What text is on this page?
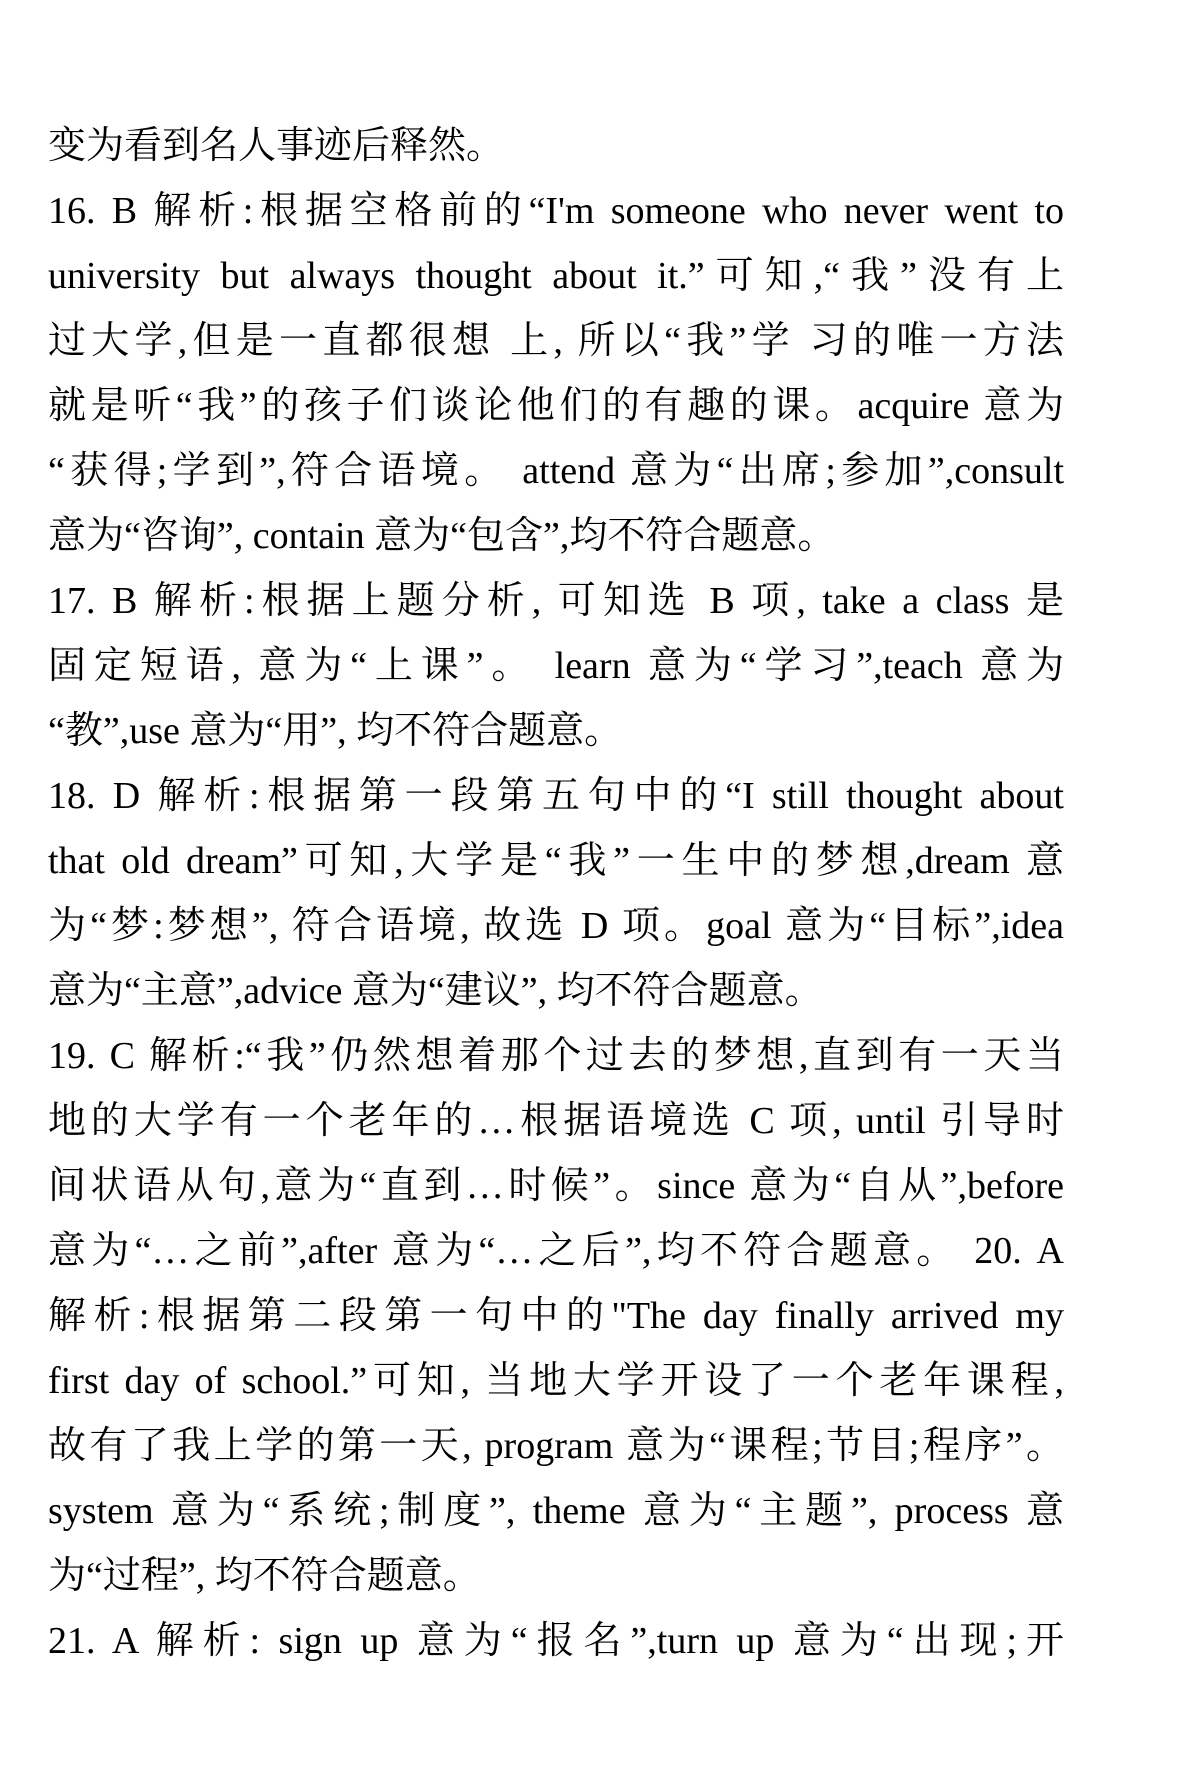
变为看到名人事迹后释然。
16. B 解析:根据空格前的“I'm someone who never went to
university but always thought about it.”可知,“我”没有上
过大学,但是一直都很想 上, 所以“我”学 习的唯一方法
就是听“我”的孩子们谈论他们的有趣的课。acquire 意为
“获得;学到”,符合语境。 attend 意为“出席;参加”,consult
意为“咨询”, contain 意为“包含”,均不符合题意。
17. B 解析:根据上题分析, 可知选 B 项, take a class 是
固定短语, 意为“上课”。 learn 意为“学习”,teach 意为
“教”,use 意为“用”, 均不符合题意。
18. D 解析:根据第一段第五句中的“I still thought about
that old dream”可知,大学是“我”一生中的梦想,dream 意
为“梦:梦想”, 符合语境, 故选 D 项。goal 意为“目标”,idea
意为“主意”,advice 意为“建议”, 均不符合题意。
19. C 解析:“我”仍然想着那个过去的梦想,直到有一天当
地的大学有一个老年的…根据语境选 C 项, until 引导时
间状语从句,意为“直到…时候”。since 意为“自从”,before
意为“…之前”,after 意为“…之后”,均不符合题意。 20. A
解析:根据第二段第一句中的"The day finally arrived my
first day of school.”可知, 当地大学开设了一个老年课程,
故有了我上学的第一天, program 意为“课程;节目;程序”。
system 意为“系统;制度”, theme 意为“主题”, process 意
为“过程”, 均不符合题意。
21. A 解析: sign up 意为“报名”,turn up 意为“出现;开
